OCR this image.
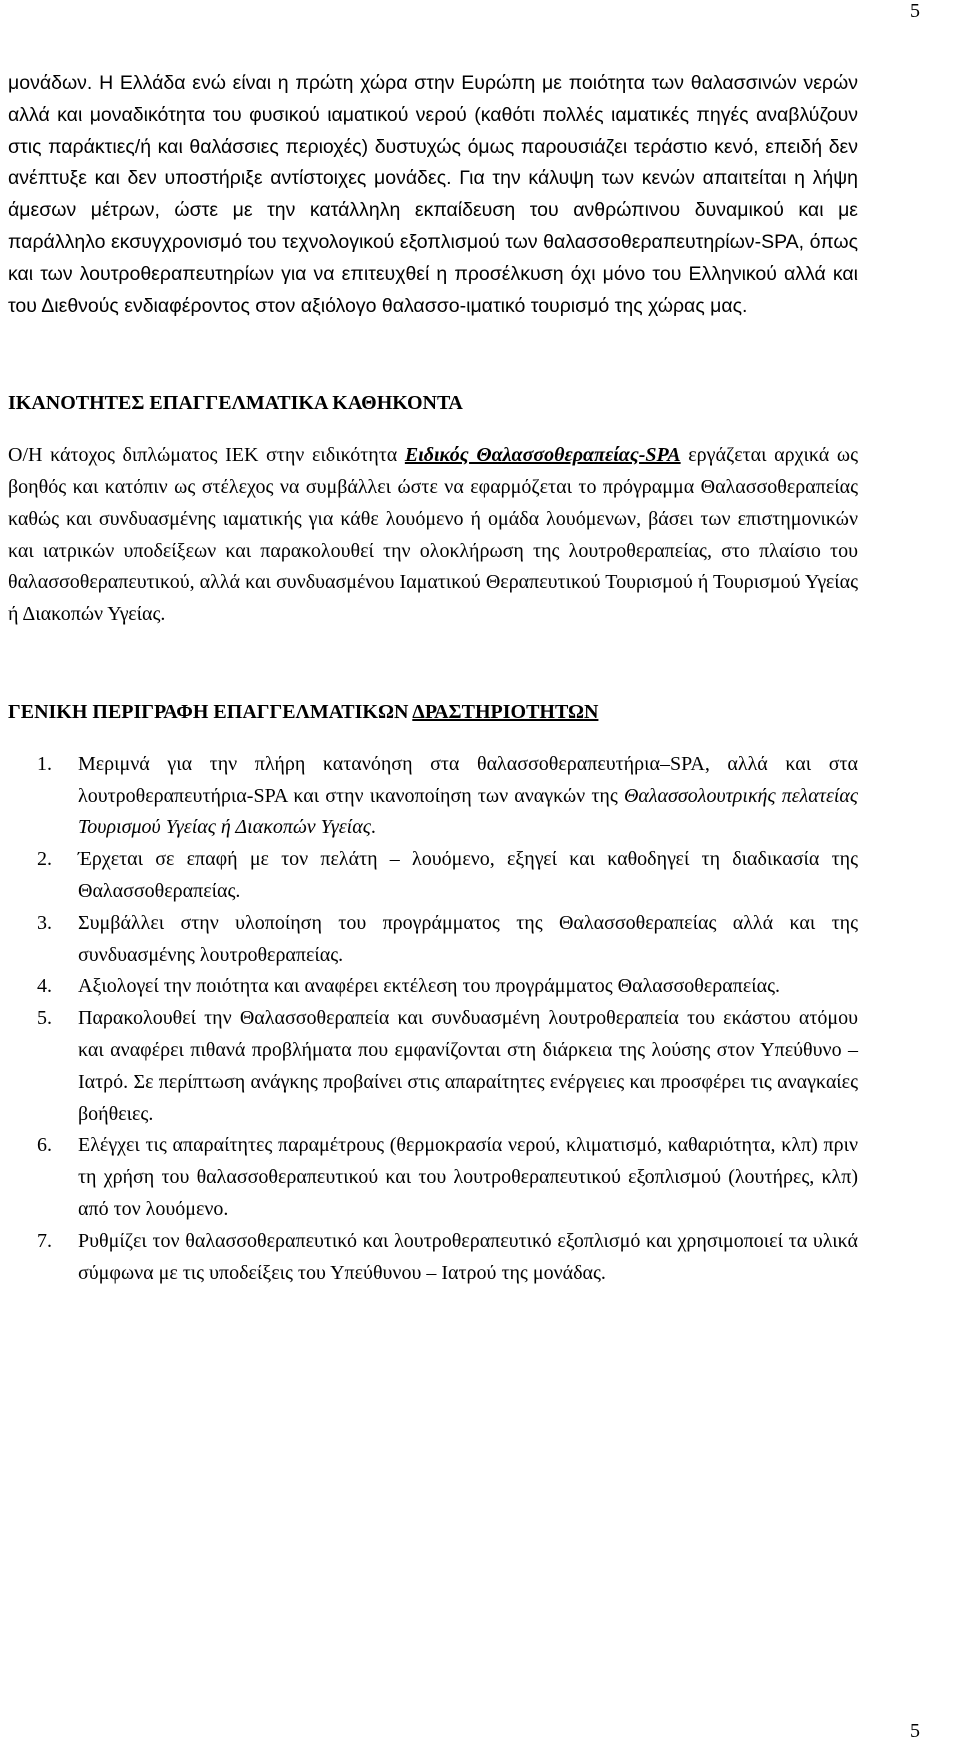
5

μονάδων. Η Ελλάδα ενώ είναι η πρώτη χώρα στην Ευρώπη με ποιότητα των θαλασσινών νερών αλλά και μοναδικότητα του φυσικού ιαματικού νερού (καθότι πολλές ιαματικές πηγές αναβλύζουν στις παράκτιες/ή και θαλάσσιες περιοχές) δυστυχώς όμως παρουσιάζει τεράστιο κενό, επειδή δεν ανέπτυξε και δεν υποστήριξε αντίστοιχες μονάδες. Για την κάλυψη των κενών απαιτείται η λήψη άμεσων μέτρων, ώστε με την κατάλληλη εκπαίδευση του ανθρώπινου δυναμικού και με παράλληλο εκσυγχρονισμό του τεχνολογικού εξοπλισμού των θαλασσοθεραπευτηρίων-SPA, όπως και των λουτροθεραπευτηρίων για να επιτευχθεί η προσέλκυση όχι μόνο του Ελληνικού αλλά και του Διεθνούς ενδιαφέροντος στον αξιόλογο θαλασσο-ιματικό τουρισμό της χώρας μας.

ΙΚΑΝΟΤΗΤΕΣ ΕΠΑΓΓΕΛΜΑΤΙΚΑ ΚΑΘΗΚΟΝΤΑ

Ο/Η κάτοχος διπλώματος ΙΕΚ στην ειδικότητα Ειδικός Θαλασσοθεραπείας-SPA εργάζεται αρχικά ως βοηθός και κατόπιν ως στέλεχος να συμβάλλει ώστε να εφαρμόζεται το πρόγραμμα Θαλασσοθεραπείας καθώς και συνδυασμένης ιαματικής για κάθε λουόμενο ή ομάδα λουόμενων, βάσει των επιστημονικών και ιατρικών υποδείξεων και παρακολουθεί την ολοκλήρωση της λουτροθεραπείας, στο πλαίσιο του θαλασσοθεραπευτικού, αλλά και συνδυασμένου Ιαματικού Θεραπευτικού Τουρισμού ή Τουρισμού Υγείας ή Διακοπών Υγείας.

ΓΕΝΙΚΗ ΠΕΡΙΓΡΑΦΗ ΕΠΑΓΓΕΛΜΑΤΙΚΩΝ ΔΡΑΣΤΗΡΙΟΤΗΤΩΝ
1. Μεριμνά για την πλήρη κατανόηση στα θαλασσοθεραπευτήρια–SPA, αλλά και στα λουτροθεραπευτήρια-SPA και στην ικανοποίηση των αναγκών της Θαλασσολουτρικής πελατείας Τουρισμού Υγείας ή Διακοπών Υγείας.
2. Έρχεται σε επαφή με τον πελάτη – λουόμενο, εξηγεί και καθοδηγεί τη διαδικασία της Θαλασσοθεραπείας.
3. Συμβάλλει στην υλοποίηση του προγράμματος της Θαλασσοθεραπείας αλλά και της συνδυασμένης λουτροθεραπείας.
4. Αξιολογεί την ποιότητα και αναφέρει εκτέλεση του προγράμματος Θαλασσοθεραπείας.
5. Παρακολουθεί την Θαλασσοθεραπεία και συνδυασμένη λουτροθεραπεία του εκάστου ατόμου και αναφέρει πιθανά προβλήματα που εμφανίζονται στη διάρκεια της λούσης στον Υπεύθυνο – Ιατρό. Σε περίπτωση ανάγκης προβαίνει στις απαραίτητες ενέργειες και προσφέρει τις αναγκαίες βοήθειες.
6. Ελέγχει τις απαραίτητες παραμέτρους (θερμοκρασία νερού, κλιματισμό, καθαριότητα, κλπ) πριν τη χρήση του θαλασσοθεραπευτικού και του λουτροθεραπευτικού εξοπλισμού (λουτήρες, κλπ) από τον λουόμενο.
7. Ρυθμίζει τον θαλασσοθεραπευτικό και λουτροθεραπευτικό εξοπλισμό και χρησιμοποιεί τα υλικά σύμφωνα με τις υποδείξεις του Υπεύθυνου – Ιατρού της μονάδας.
5
